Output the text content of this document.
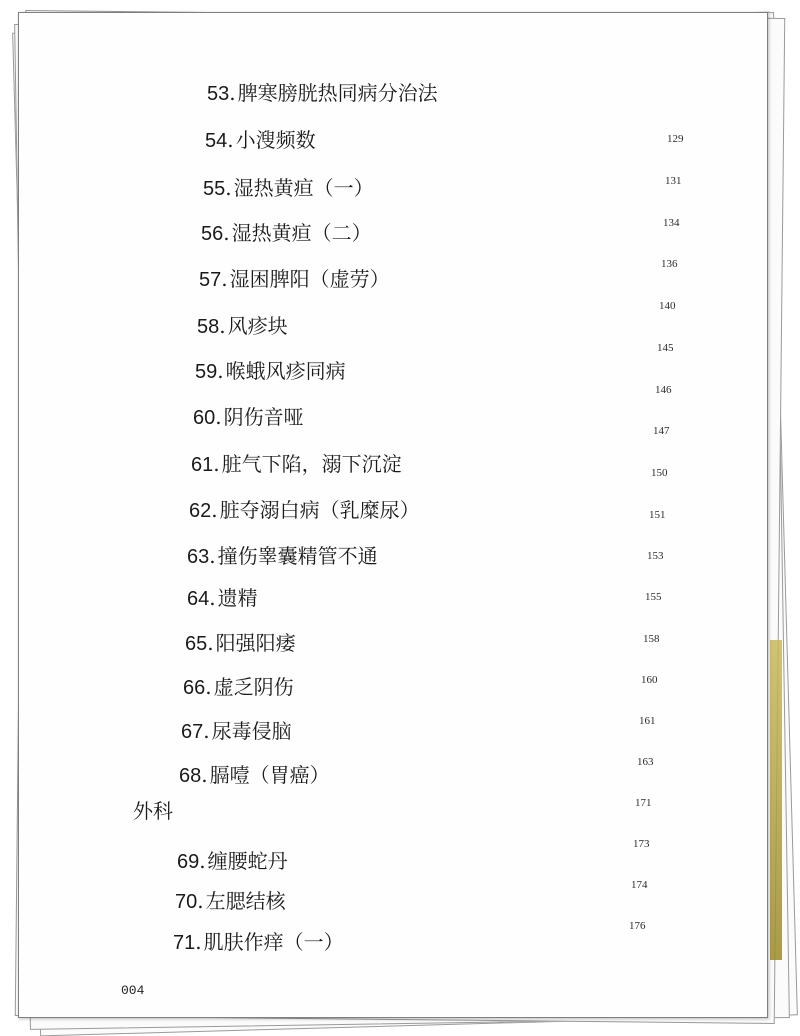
53. 脾寒膀胱热同病分治法
54. 小溲频数
55. 湿热黄疸（一）
56. 湿热黄疸（二）
57. 湿困脾阳（虚劳）
58. 风疹块
59. 喉蛾风疹同病
60. 阴伤音哑
61. 脏气下陷，溺下沉淀
62. 脏夺溺白病（乳糜尿）
63. 撞伤睾囊精管不通
64. 遗精
65. 阳强阳痿
66. 虚乏阴伤
67. 尿毒侵脑
68. 膈噎（胃癌）
外科
69. 缠腰蛇丹
70. 左腮结核
71. 肌肤作痒（一）
129
131
134
136
140
145
146
147
150
151
153
155
158
160
161
163
171
173
174
176
004
